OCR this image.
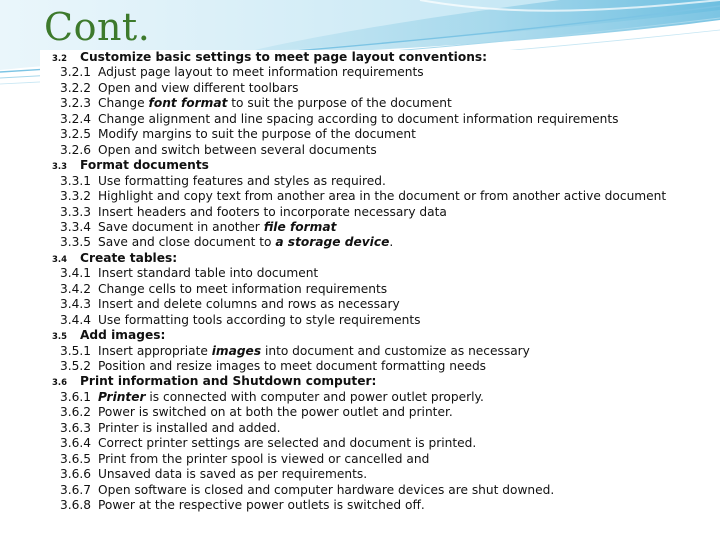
Cont.
3.2 Customize basic settings to meet page layout conventions:
3.2.1 Adjust page layout to meet information requirements
3.2.2 Open and view different toolbars
3.2.3 Change font format to suit the purpose of the document
3.2.4 Change alignment and line spacing according to document information requirements
3.2.5 Modify margins to suit the purpose of the document
3.2.6 Open and switch between several documents
3.3 Format documents
3.3.1 Use formatting features and styles as required.
3.3.2 Highlight and copy text from another area in the document or from another active document
3.3.3 Insert headers and footers to incorporate necessary data
3.3.4 Save document in another file format
3.3.5 Save and close document to a storage device.
3.4 Create tables:
3.4.1 Insert standard table into document
3.4.2 Change cells to meet information requirements
3.4.3 Insert and delete columns and rows as necessary
3.4.4 Use formatting tools according to style requirements
3.5 Add images:
3.5.1 Insert appropriate images into document and customize as necessary
3.5.2 Position and resize images to meet document formatting needs
3.6 Print information and Shutdown computer:
3.6.1 Printer is connected with computer and power outlet properly.
3.6.2 Power is switched on at both the power outlet and printer.
3.6.3 Printer is installed and added.
3.6.4 Correct printer settings are selected and document is printed.
3.6.5 Print from the printer spool is viewed or cancelled and
3.6.6 Unsaved data is saved as per requirements.
3.6.7 Open software is closed and computer hardware devices are shut downed.
3.6.8 Power at the respective power outlets is switched off.
